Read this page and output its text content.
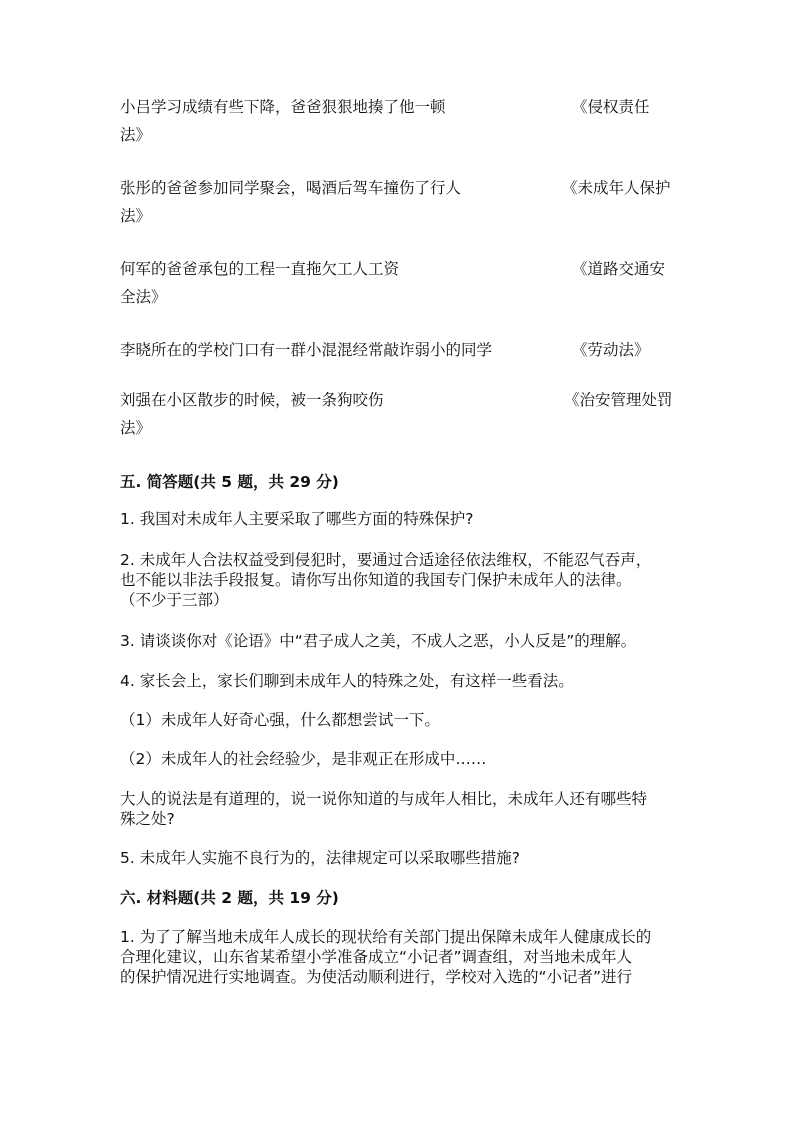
小吕学习成绩有些下降，爸爸狠狠地揍了他一顿	《侵权责任
法》
张彤的爸爸参加同学聚会，喝酒后驾车撞伤了行人	《未成年人保护
法》
何军的爸爸承包的工程一直拖欠工人工资	《道路交通安
全法》
李晓所在的学校门口有一群小混混经常敲诈弱小的同学	《劳动法》
刘强在小区散步的时候，被一条狗咬伤	《治安管理处罚
法》
五. 简答题(共 5 题，共 29 分)
1. 我国对未成年人主要采取了哪些方面的特殊保护?
2. 未成年人合法权益受到侵犯时，要通过合适途径依法维权，不能忍气吞声，
也不能以非法手段报复。请你写出你知道的我国专门保护未成年人的法律。
（不少于三部）
3. 请谈谈你对《论语》中“君子成人之美，不成人之恶，小人反是”的理解。
4. 家长会上，家长们聊到未成年人的特殊之处，有这样一些看法。
（1）未成年人好奇心强，什么都想尝试一下。
（2）未成年人的社会经验少，是非观正在形成中……
大人的说法是有道理的，说一说你知道的与成年人相比，未成年人还有哪些特
殊之处?
5. 未成年人实施不良行为的，法律规定可以采取哪些措施?
六. 材料题(共 2 题，共 19 分)
1. 为了了解当地未成年人成长的现状给有关部门提出保障未成年人健康成长的
合理化建议，山东省某希望小学准备成立“小记者”调查组，对当地未成年人
的保护情况进行实地调查。为使活动顺利进行，学校对入选的“小记者”进行
